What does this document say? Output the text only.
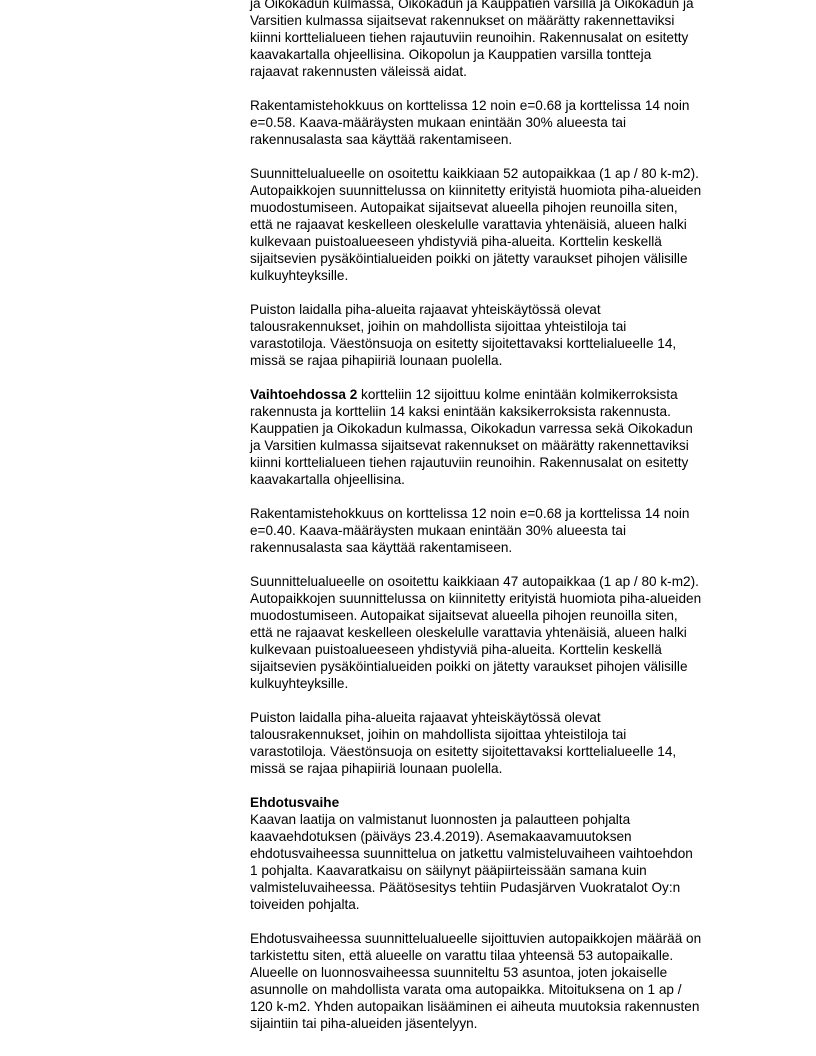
ja Oikokadun kulmassa, Oikokadun ja Kauppatien varsilla ja Oikokadun ja
Varsitien kulmassa sijaitsevat rakennukset on määrätty rakennettaviksi
kiinni korttelialueen tiehen rajautuviin reunoihin. Rakennusalat on esitetty
kaavakartalla ohjeellisina. Oikopolun ja Kauppatien varsilla tontteja
rajaavat rakennusten väleissä aidat.
Rakentamistehokkuus on korttelissa 12 noin e=0.68 ja korttelissa 14 noin
e=0.58. Kaava-määräysten mukaan enintään 30% alueesta tai
rakennusalasta saa käyttää rakentamiseen.
Suunnittelualueelle on osoitettu kaikkiaan 52 autopaikkaa (1 ap / 80 k-m2).
Autopaikkojen suunnittelussa on kiinnitetty erityistä huomiota piha-alueiden
muodostumiseen. Autopaikat sijaitsevat alueella pihojen reunoilla siten,
että ne rajaavat keskelleen oleskelulle varattavia yhtenäisiä, alueen halki
kulkevaan puistoalueeseen yhdistyviä piha-alueita. Korttelin keskellä
sijaitsevien pysäköintialueiden poikki on jätetty varaukset pihojen välisille
kulkuyhteyksille.
Puiston laidalla piha-alueita rajaavat yhteiskäytössä olevat
talousrakennukset, joihin on mahdollista sijoittaa yhteistiloja tai
varastotiloja. Väestönsuoja on esitetty sijoitettavaksi korttelialueelle 14,
missä se rajaa pihapiiriä lounaan puolella.
Vaihtoehdossa 2 kortteliin 12 sijoittuu kolme enintään kolmikerroksista
rakennusta ja kortteliin 14 kaksi enintään kaksikerroksista rakennusta.
Kauppatien ja Oikokadun kulmassa, Oikokadun varressa sekä Oikokadun
ja Varsitien kulmassa sijaitsevat rakennukset on määrätty rakennettaviksi
kiinni korttelialueen tiehen rajautuviin reunoihin. Rakennusalat on esitetty
kaavakartalla ohjeellisina.
Rakentamistehokkuus on korttelissa 12 noin e=0.68 ja korttelissa 14 noin
e=0.40. Kaava-määräysten mukaan enintään 30% alueesta tai
rakennusalasta saa käyttää rakentamiseen.
Suunnittelualueelle on osoitettu kaikkiaan 47 autopaikkaa (1 ap / 80 k-m2).
Autopaikkojen suunnittelussa on kiinnitetty erityistä huomiota piha-alueiden
muodostumiseen. Autopaikat sijaitsevat alueella pihojen reunoilla siten,
että ne rajaavat keskelleen oleskelulle varattavia yhtenäisiä, alueen halki
kulkevaan puistoalueeseen yhdistyviä piha-alueita. Korttelin keskellä
sijaitsevien pysäköintialueiden poikki on jätetty varaukset pihojen välisille
kulkuyhteyksille.
Puiston laidalla piha-alueita rajaavat yhteiskäytössä olevat
talousrakennukset, joihin on mahdollista sijoittaa yhteistiloja tai
varastotiloja. Väestönsuoja on esitetty sijoitettavaksi korttelialueelle 14,
missä se rajaa pihapiiriä lounaan puolella.
Ehdotusvaihe
Kaavan laatija on valmistanut luonnosten ja palautteen pohjalta
kaavaehdotuksen (päiväys 23.4.2019). Asemakaavamuutoksen
ehdotusvaiheessa suunnittelua on jatkettu valmisteluvaiheen vaihtoehdon
1 pohjalta. Kaavaratkaisu on säilynyt pääpiirteissään samana kuin
valmisteluvaiheessa. Päätösesitys tehtiin Pudasjärven Vuokratalot Oy:n
toiveiden pohjalta.
Ehdotusvaiheessa suunnittelualueelle sijoittuvien autopaikkojen määrää on
tarkistettu siten, että alueelle on varattu tilaa yhteensä 53 autopaikalle.
Alueelle on luonnosvaiheessa suunniteltu 53 asuntoa, joten jokaiselle
asunnolle on mahdollista varata oma autopaikka. Mitoituksena on 1 ap /
120 k-m2. Yhden autopaikan lisääminen ei aiheuta muutoksia rakennusten
sijaintiin tai piha-alueiden jäsentelyyn.
